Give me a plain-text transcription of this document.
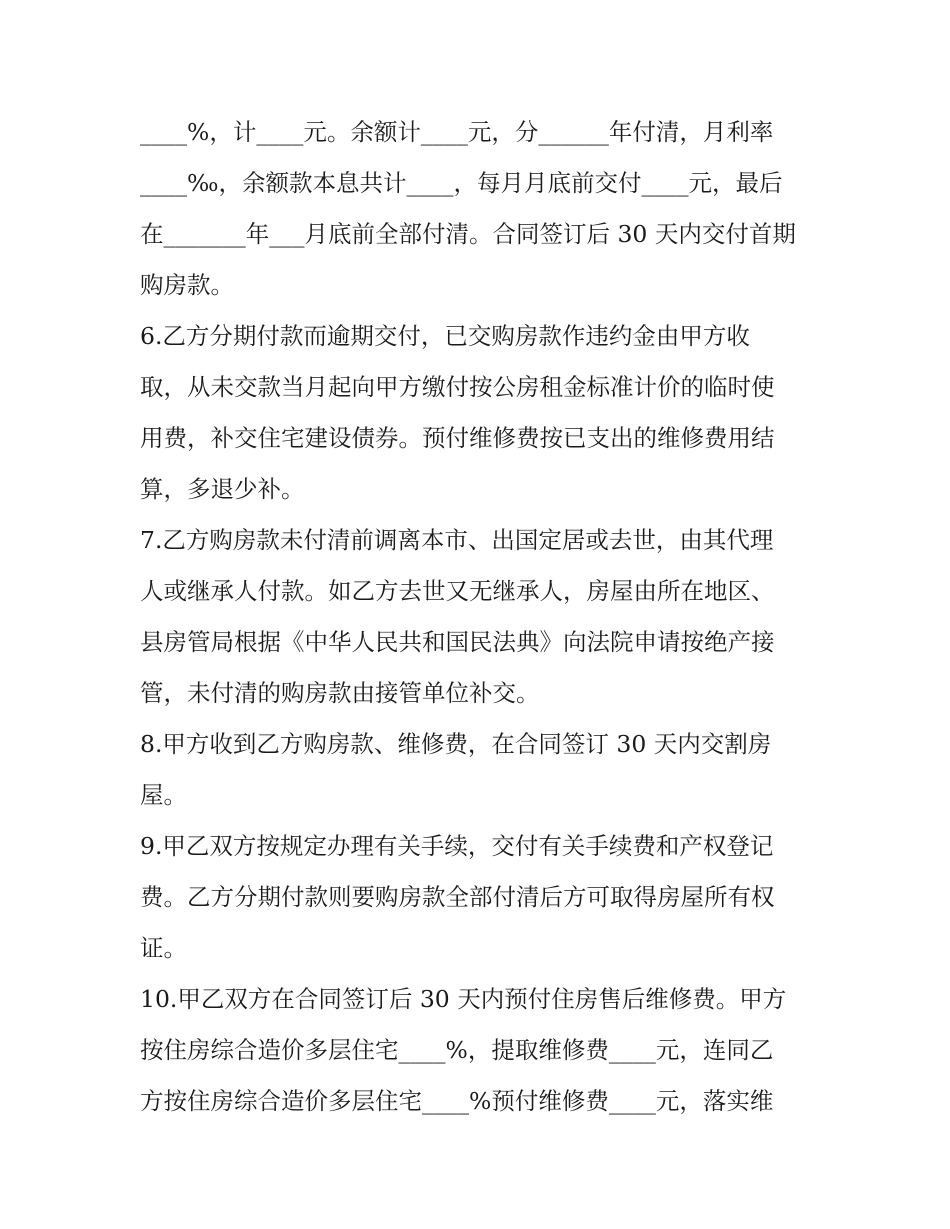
____%，计____元。余额计____元，分______年付清，月利率
____‰，余额款本息共计____，每月月底前交付____元，最后
在_______年___月底前全部付清。合同签订后 30 天内交付首期
购房款。
6.乙方分期付款而逾期交付，已交购房款作违约金由甲方收
取，从未交款当月起向甲方缴付按公房租金标准计价的临时使
用费，补交住宅建设债券。预付维修费按已支出的维修费用结
算，多退少补。
7.乙方购房款未付清前调离本市、出国定居或去世，由其代理
人或继承人付款。如乙方去世又无继承人，房屋由所在地区、
县房管局根据《中华人民共和国民法典》向法院申请按绝产接
管，未付清的购房款由接管单位补交。
8.甲方收到乙方购房款、维修费，在合同签订 30 天内交割房
屋。
9.甲乙双方按规定办理有关手续，交付有关手续费和产权登记
费。乙方分期付款则要购房款全部付清后方可取得房屋所有权
证。
10.甲乙双方在合同签订后 30 天内预付住房售后维修费。甲方
按住房综合造价多层住宅____%，提取维修费____元，连同乙
方按住房综合造价多层住宅____%预付维修费____元，落实维
